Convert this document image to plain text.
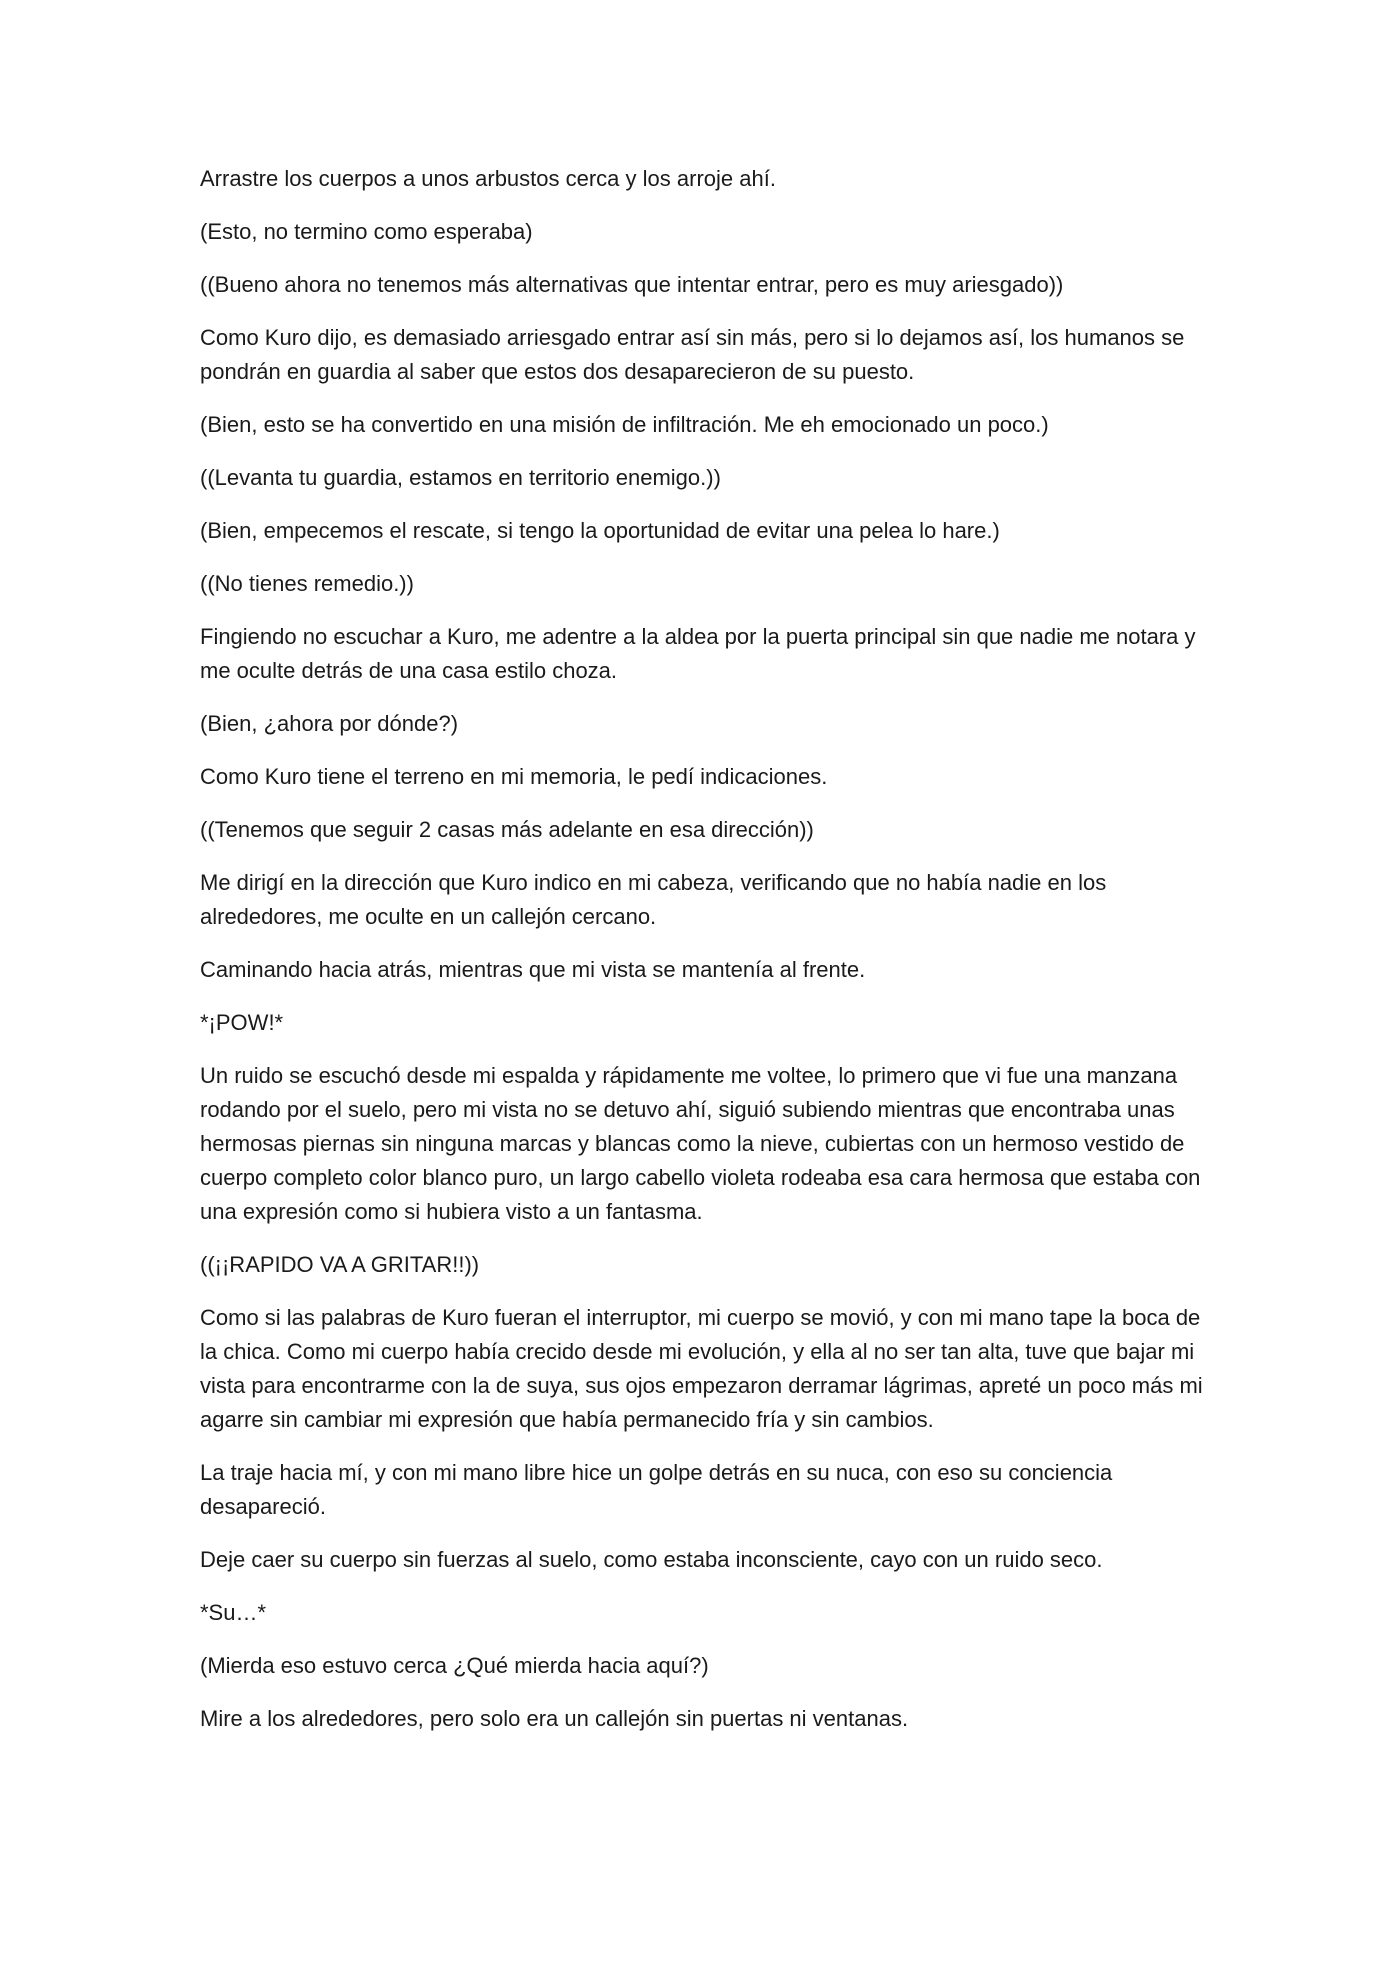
Arrastre los cuerpos a unos arbustos cerca y los arroje ahí.

(Esto, no termino como esperaba)

((Bueno ahora no tenemos más alternativas que intentar entrar, pero es muy ariesgado))

Como Kuro dijo, es demasiado arriesgado entrar así sin más, pero si lo dejamos así, los humanos se pondrán en guardia al saber que estos dos desaparecieron de su puesto.

(Bien, esto se ha convertido en una misión de infiltración. Me eh emocionado un poco.)

((Levanta tu guardia, estamos en territorio enemigo.))

(Bien, empecemos el rescate, si tengo la oportunidad de evitar una pelea lo hare.)

((No tienes remedio.))

Fingiendo no escuchar a Kuro, me adentre a la aldea por la puerta principal sin que nadie me notara y me oculte detrás de una casa estilo choza.

(Bien, ¿ahora por dónde?)

Como Kuro tiene el terreno en mi memoria, le pedí indicaciones.

((Tenemos que seguir 2 casas más adelante en esa dirección))

Me dirigí en la dirección que Kuro indico en mi cabeza, verificando que no había nadie en los alrededores, me oculte en un callejón cercano.

Caminando hacia atrás, mientras que mi vista se mantenía al frente.

*¡POW!*

Un ruido se escuchó desde mi espalda y rápidamente me voltee, lo primero que vi fue una manzana rodando por el suelo, pero mi vista no se detuvo ahí, siguió subiendo mientras que encontraba unas hermosas piernas sin ninguna marcas y blancas como la nieve, cubiertas con un hermoso vestido de cuerpo completo color blanco puro, un largo cabello violeta rodeaba esa cara hermosa que estaba con una expresión como si hubiera visto a un fantasma.

((¡¡RAPIDO VA A GRITAR!!))

Como si las palabras de Kuro fueran el interruptor, mi cuerpo se movió, y con mi mano tape la boca de la chica. Como mi cuerpo había crecido desde mi evolución, y ella al no ser tan alta, tuve que bajar mi vista para encontrarme con la de suya, sus ojos empezaron derramar lágrimas, apreté un poco más mi agarre sin cambiar mi expresión que había permanecido fría y sin cambios.

La traje hacia mí, y con mi mano libre hice un golpe detrás en su nuca, con eso su conciencia desapareció.

Deje caer su cuerpo sin fuerzas al suelo, como estaba inconsciente, cayo con un ruido seco.

*Su…*

(Mierda eso estuvo cerca ¿Qué mierda hacia aquí?)

Mire a los alrededores, pero solo era un callejón sin puertas ni ventanas.
